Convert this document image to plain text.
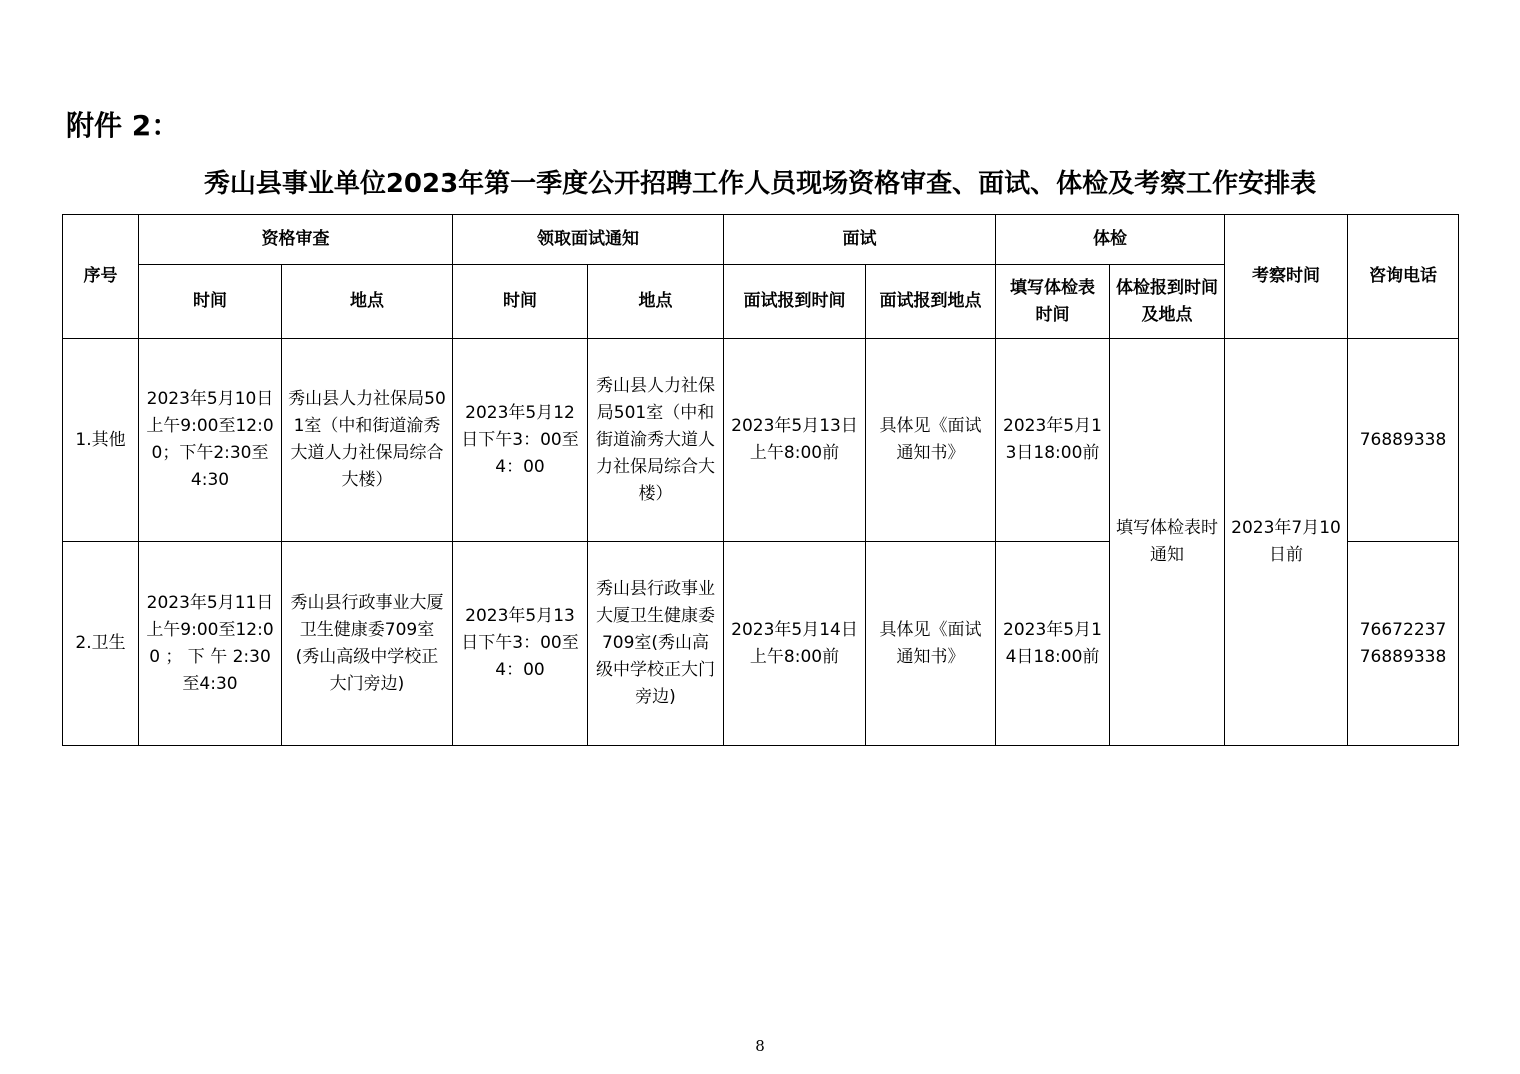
附件 2：
秀山县事业单位2023年第一季度公开招聘工作人员现场资格审查、面试、体检及考察工作安排表
序号	资格审查		领取面试通知		面试		体检		考察时间	咨询电话
	时间	地点	时间	地点	面试报到时间	面试报到地点	填写体检表时间	体检报到时间及地点		
1.其他	2023年5月10日上午9:00至12:00；下午2:30至4:30	秀山县人力社保局501室（中和街道渝秀大道人力社保局综合大楼）	2023年5月12日下午3：00至4：00	秀山县人力社保局501室（中和街道渝秀大道人力社保局综合大楼）	2023年5月13日上午8:00前	具体见《面试通知书》	2023年5月13日18:00前	填写体检表时通知	2023年7月10日前	76889338

2.卫生	2023年5月11日上午9:00至12:00 ； 下 午 2:30至4:30	秀山县行政事业大厦卫生健康委709室(秀山高级中学校正大门旁边)	2023年5月13日下午3：00至4：00	秀山县行政事业大厦卫生健康委709室(秀山高级中学校正大门旁边)	2023年5月14日上午8:00前	具体见《面试通知书》	2023年5月14日18:00前			76672237
76889338
8
